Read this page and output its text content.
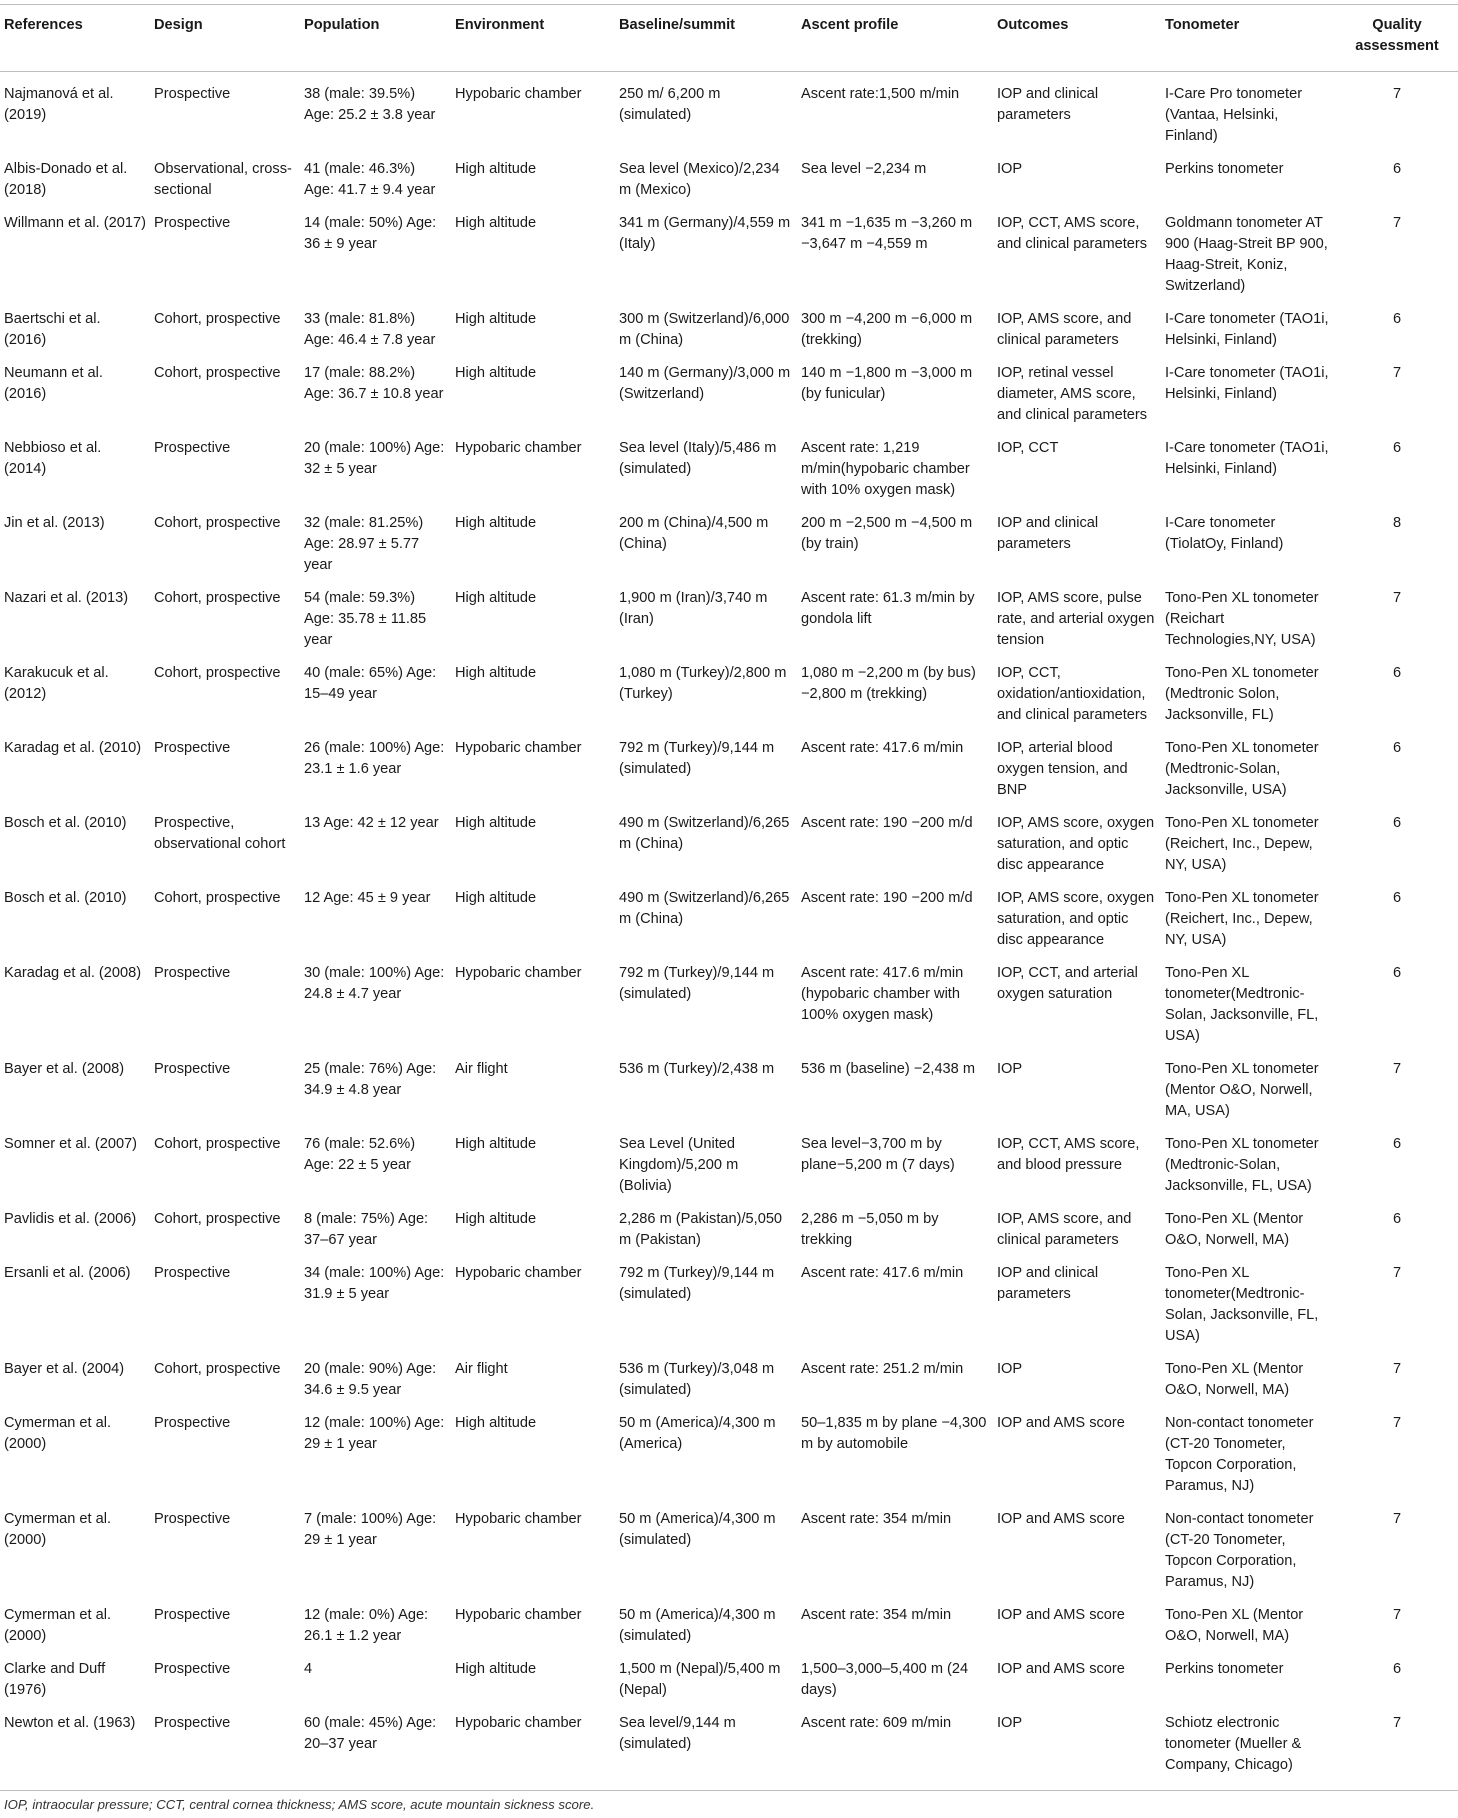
References	Design	Population	Environment	Baseline/summit	Ascent profile	Outcomes	Tonometer	Quality assessment
Najmanová et al. (2019)	Prospective	38 (male: 39.5%) Age: 25.2 ± 3.8 year	Hypobaric chamber	250 m/ 6,200 m (simulated)	Ascent rate:1,500 m/min	IOP and clinical parameters	I-Care Pro tonometer (Vantaa, Helsinki, Finland)	7
Albis-Donado et al. (2018)	Observational, cross-sectional	41 (male: 46.3%) Age: 41.7 ± 9.4 year	High altitude	Sea level (Mexico)/2,234 m (Mexico)	Sea level −2,234 m	IOP	Perkins tonometer	6
Willmann et al. (2017)	Prospective	14 (male: 50%) Age: 36 ± 9 year	High altitude	341 m (Germany)/4,559 m (Italy)	341 m −1,635 m −3,260 m −3,647 m −4,559 m	IOP, CCT, AMS score, and clinical parameters	Goldmann tonometer AT 900 (Haag-Streit BP 900, Haag-Streit, Koniz, Switzerland)	7
Baertschi et al. (2016)	Cohort, prospective	33 (male: 81.8%) Age: 46.4 ± 7.8 year	High altitude	300 m (Switzerland)/6,000 m (China)	300 m −4,200 m −6,000 m (trekking)	IOP, AMS score, and clinical parameters	I-Care tonometer (TAO1i, Helsinki, Finland)	6
Neumann et al. (2016)	Cohort, prospective	17 (male: 88.2%) Age: 36.7 ± 10.8 year	High altitude	140 m (Germany)/3,000 m (Switzerland)	140 m −1,800 m −3,000 m (by funicular)	IOP, retinal vessel diameter, AMS score, and clinical parameters	I-Care tonometer (TAO1i, Helsinki, Finland)	7
Nebbioso et al. (2014)	Prospective	20 (male: 100%) Age: 32 ± 5 year	Hypobaric chamber	Sea level (Italy)/5,486 m (simulated)	Ascent rate: 1,219 m/min(hypobaric chamber with 10% oxygen mask)	IOP, CCT	I-Care tonometer (TAO1i, Helsinki, Finland)	6
Jin et al. (2013)	Cohort, prospective	32 (male: 81.25%) Age: 28.97 ± 5.77 year	High altitude	200 m (China)/4,500 m (China)	200 m −2,500 m −4,500 m (by train)	IOP and clinical parameters	I-Care tonometer (TiolatOy, Finland)	8
Nazari et al. (2013)	Cohort, prospective	54 (male: 59.3%) Age: 35.78 ± 11.85 year	High altitude	1,900 m (Iran)/3,740 m (Iran)	Ascent rate: 61.3 m/min by gondola lift	IOP, AMS score, pulse rate, and arterial oxygen tension	Tono-Pen XL tonometer (Reichart Technologies,NY, USA)	7
Karakucuk et al. (2012)	Cohort, prospective	40 (male: 65%) Age: 15–49 year	High altitude	1,080 m (Turkey)/2,800 m (Turkey)	1,080 m −2,200 m (by bus) −2,800 m (trekking)	IOP, CCT, oxidation/antioxidation, and clinical parameters	Tono-Pen XL tonometer (Medtronic Solon, Jacksonville, FL)	6
Karadag et al. (2010)	Prospective	26 (male: 100%) Age: 23.1 ± 1.6 year	Hypobaric chamber	792 m (Turkey)/9,144 m (simulated)	Ascent rate: 417.6 m/min	IOP, arterial blood oxygen tension, and BNP	Tono-Pen XL tonometer (Medtronic-Solan, Jacksonville, USA)	6
Bosch et al. (2010)	Prospective, observational cohort	13 Age: 42 ± 12 year	High altitude	490 m (Switzerland)/6,265 m (China)	Ascent rate: 190 −200 m/d	IOP, AMS score, oxygen saturation, and optic disc appearance	Tono-Pen XL tonometer (Reichert, Inc., Depew, NY, USA)	6
Bosch et al. (2010)	Cohort, prospective	12 Age: 45 ± 9 year	High altitude	490 m (Switzerland)/6,265 m (China)	Ascent rate: 190 −200 m/d	IOP, AMS score, oxygen saturation, and optic disc appearance	Tono-Pen XL tonometer (Reichert, Inc., Depew, NY, USA)	6
Karadag et al. (2008)	Prospective	30 (male: 100%) Age: 24.8 ± 4.7 year	Hypobaric chamber	792 m (Turkey)/9,144 m (simulated)	Ascent rate: 417.6 m/min (hypobaric chamber with 100% oxygen mask)	IOP, CCT, and arterial oxygen saturation	Tono-Pen XL tonometer(Medtronic-Solan, Jacksonville, FL, USA)	6
Bayer et al. (2008)	Prospective	25 (male: 76%) Age: 34.9 ± 4.8 year	Air flight	536 m (Turkey)/2,438 m	536 m (baseline) −2,438 m	IOP	Tono-Pen XL tonometer (Mentor O&O, Norwell, MA, USA)	7
Somner et al. (2007)	Cohort, prospective	76 (male: 52.6%) Age: 22 ± 5 year	High altitude	Sea Level (United Kingdom)/5,200 m (Bolivia)	Sea level−3,700 m by plane−5,200 m (7 days)	IOP, CCT, AMS score, and blood pressure	Tono-Pen XL tonometer (Medtronic-Solan, Jacksonville, FL, USA)	6
Pavlidis et al. (2006)	Cohort, prospective	8 (male: 75%) Age: 37–67 year	High altitude	2,286 m (Pakistan)/5,050 m (Pakistan)	2,286 m −5,050 m by trekking	IOP, AMS score, and clinical parameters	Tono-Pen XL (Mentor O&O, Norwell, MA)	6
Ersanli et al. (2006)	Prospective	34 (male: 100%) Age: 31.9 ± 5 year	Hypobaric chamber	792 m (Turkey)/9,144 m (simulated)	Ascent rate: 417.6 m/min	IOP and clinical parameters	Tono-Pen XL tonometer(Medtronic-Solan, Jacksonville, FL, USA)	7
Bayer et al. (2004)	Cohort, prospective	20 (male: 90%) Age: 34.6 ± 9.5 year	Air flight	536 m (Turkey)/3,048 m (simulated)	Ascent rate: 251.2 m/min	IOP	Tono-Pen XL (Mentor O&O, Norwell, MA)	7
Cymerman et al. (2000)	Prospective	12 (male: 100%) Age: 29 ± 1 year	High altitude	50 m (America)/4,300 m (America)	50–1,835 m by plane −4,300 m by automobile	IOP and AMS score	Non-contact tonometer (CT-20 Tonometer, Topcon Corporation, Paramus, NJ)	7
Cymerman et al. (2000)	Prospective	7 (male: 100%) Age: 29 ± 1 year	Hypobaric chamber	50 m (America)/4,300 m (simulated)	Ascent rate: 354 m/min	IOP and AMS score	Non-contact tonometer (CT-20 Tonometer, Topcon Corporation, Paramus, NJ)	7
Cymerman et al. (2000)	Prospective	12 (male: 0%) Age: 26.1 ± 1.2 year	Hypobaric chamber	50 m (America)/4,300 m (simulated)	Ascent rate: 354 m/min	IOP and AMS score	Tono-Pen XL (Mentor O&O, Norwell, MA)	7
Clarke and Duff (1976)	Prospective	4	High altitude	1,500 m (Nepal)/5,400 m (Nepal)	1,500–3,000–5,400 m (24 days)	IOP and AMS score	Perkins tonometer	6
Newton et al. (1963)	Prospective	60 (male: 45%) Age: 20–37 year	Hypobaric chamber	Sea level/9,144 m (simulated)	Ascent rate: 609 m/min	IOP	Schiotz electronic tonometer (Mueller & Company, Chicago)	7
IOP, intraocular pressure; CCT, central cornea thickness; AMS score, acute mountain sickness score.
